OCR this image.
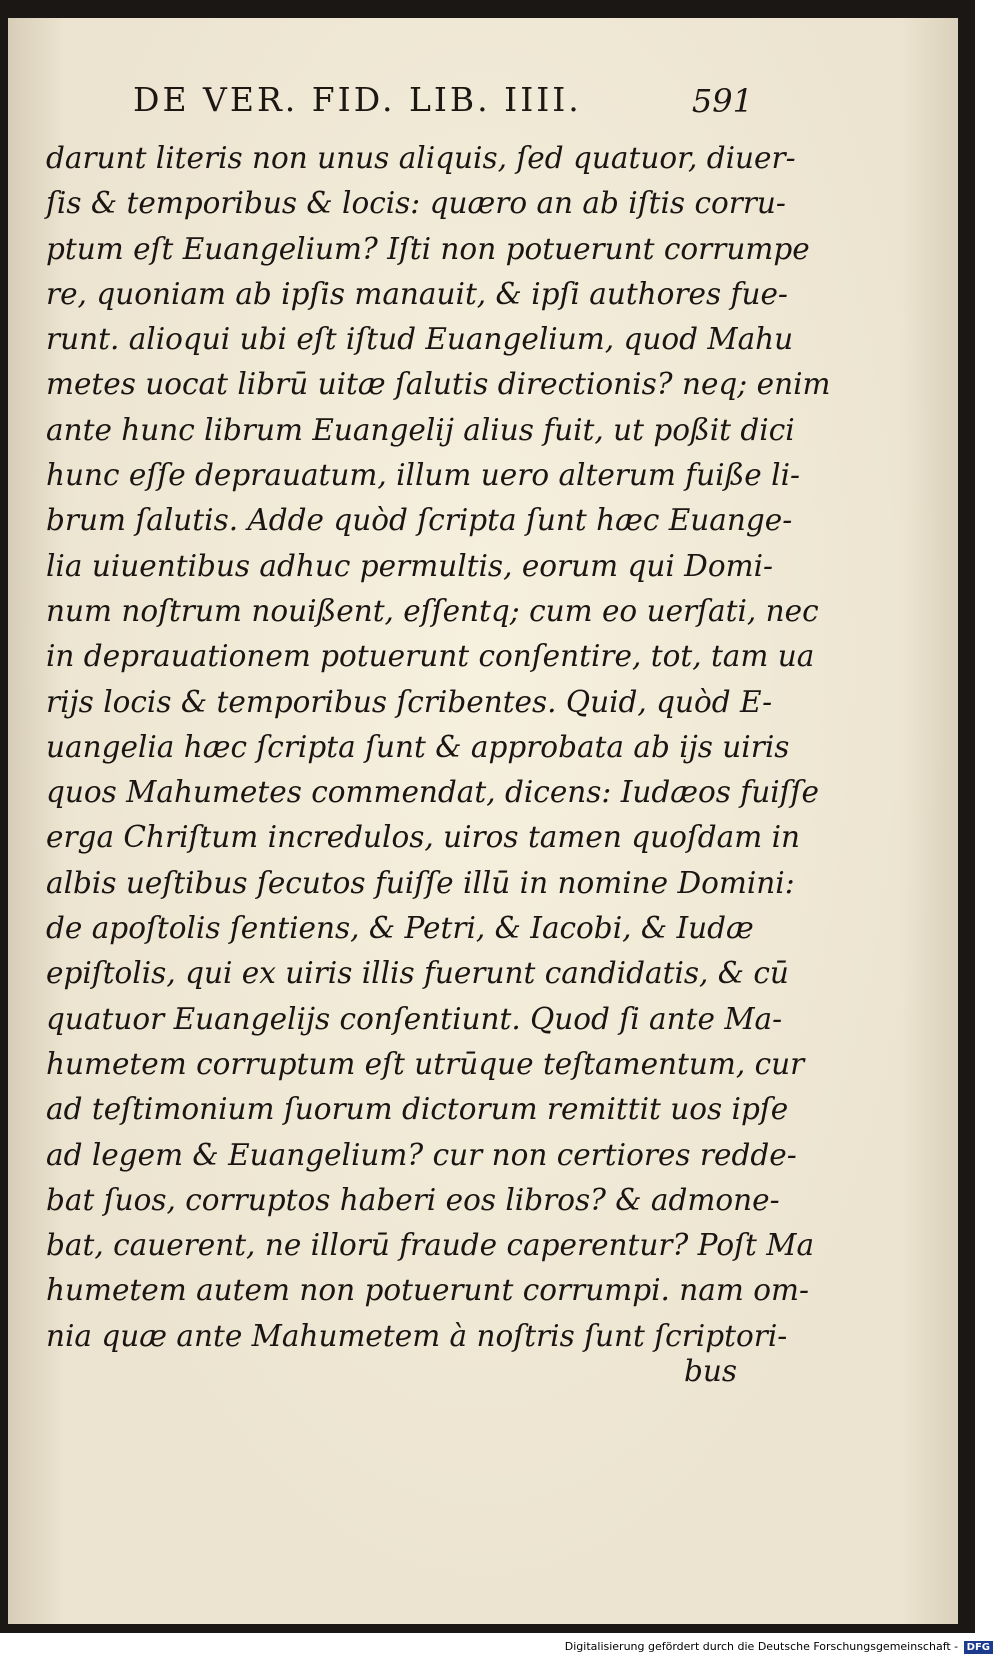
DE VER. FID. LIB. IIII.	591
darunt literis non unus aliquis, ſed quatuor, diuer-
ſis & temporibus & locis: quæro an ab iſtis corru-
ptum eſt Euangelium? Iſti non potuerunt corrumpe
re, quoniam ab ipſis manauit, & ipſi authores fue-
runt. alioqui ubi eſt iſtud Euangelium, quod Mahu
metes uocat librū uitæ ſalutis directionis? neq; enim
ante hunc librum Euangelij alius fuit, ut poßit dici
hunc eſſe deprauatum, illum uero alterum fuiße li-
brum ſalutis. Adde quòd ſcripta ſunt hæc Euange-
lia uiuentibus adhuc permultis, eorum qui Domi-
num noſtrum nouißent, eſſentq; cum eo uerſati, nec
in deprauationem potuerunt conſentire, tot, tam ua
rijs locis & temporibus ſcribentes. Quid, quòd E-
uangelia hæc ſcripta ſunt & approbata ab ijs uiris
quos Mahumetes commendat, dicens: Iudæos fuiſſe
erga Chriſtum incredulos, uiros tamen quoſdam in
albis ueſtibus ſecutos fuiſſe illū in nomine Domini:
de apoſtolis ſentiens, & Petri, & Iacobi, & Iudæ
epiſtolis, qui ex uiris illis fuerunt candidatis, & cū
quatuor Euangelijs conſentiunt. Quod ſi ante Ma-
humetem corruptum eſt utrūque teſtamentum, cur
ad teſtimonium ſuorum dictorum remittit uos ipſe
ad legem & Euangelium? cur non certiores redde-
bat ſuos, corruptos haberi eos libros? & admone-
bat, cauerent, ne illorū fraude caperentur? Poſt Ma
humetem autem non potuerunt corrumpi. nam om-
nia quæ ante Mahumetem à noſtris ſunt ſcriptori-
bus
Digitalisierung gefördert durch die Deutsche Forschungsgemeinschaft - DFG
